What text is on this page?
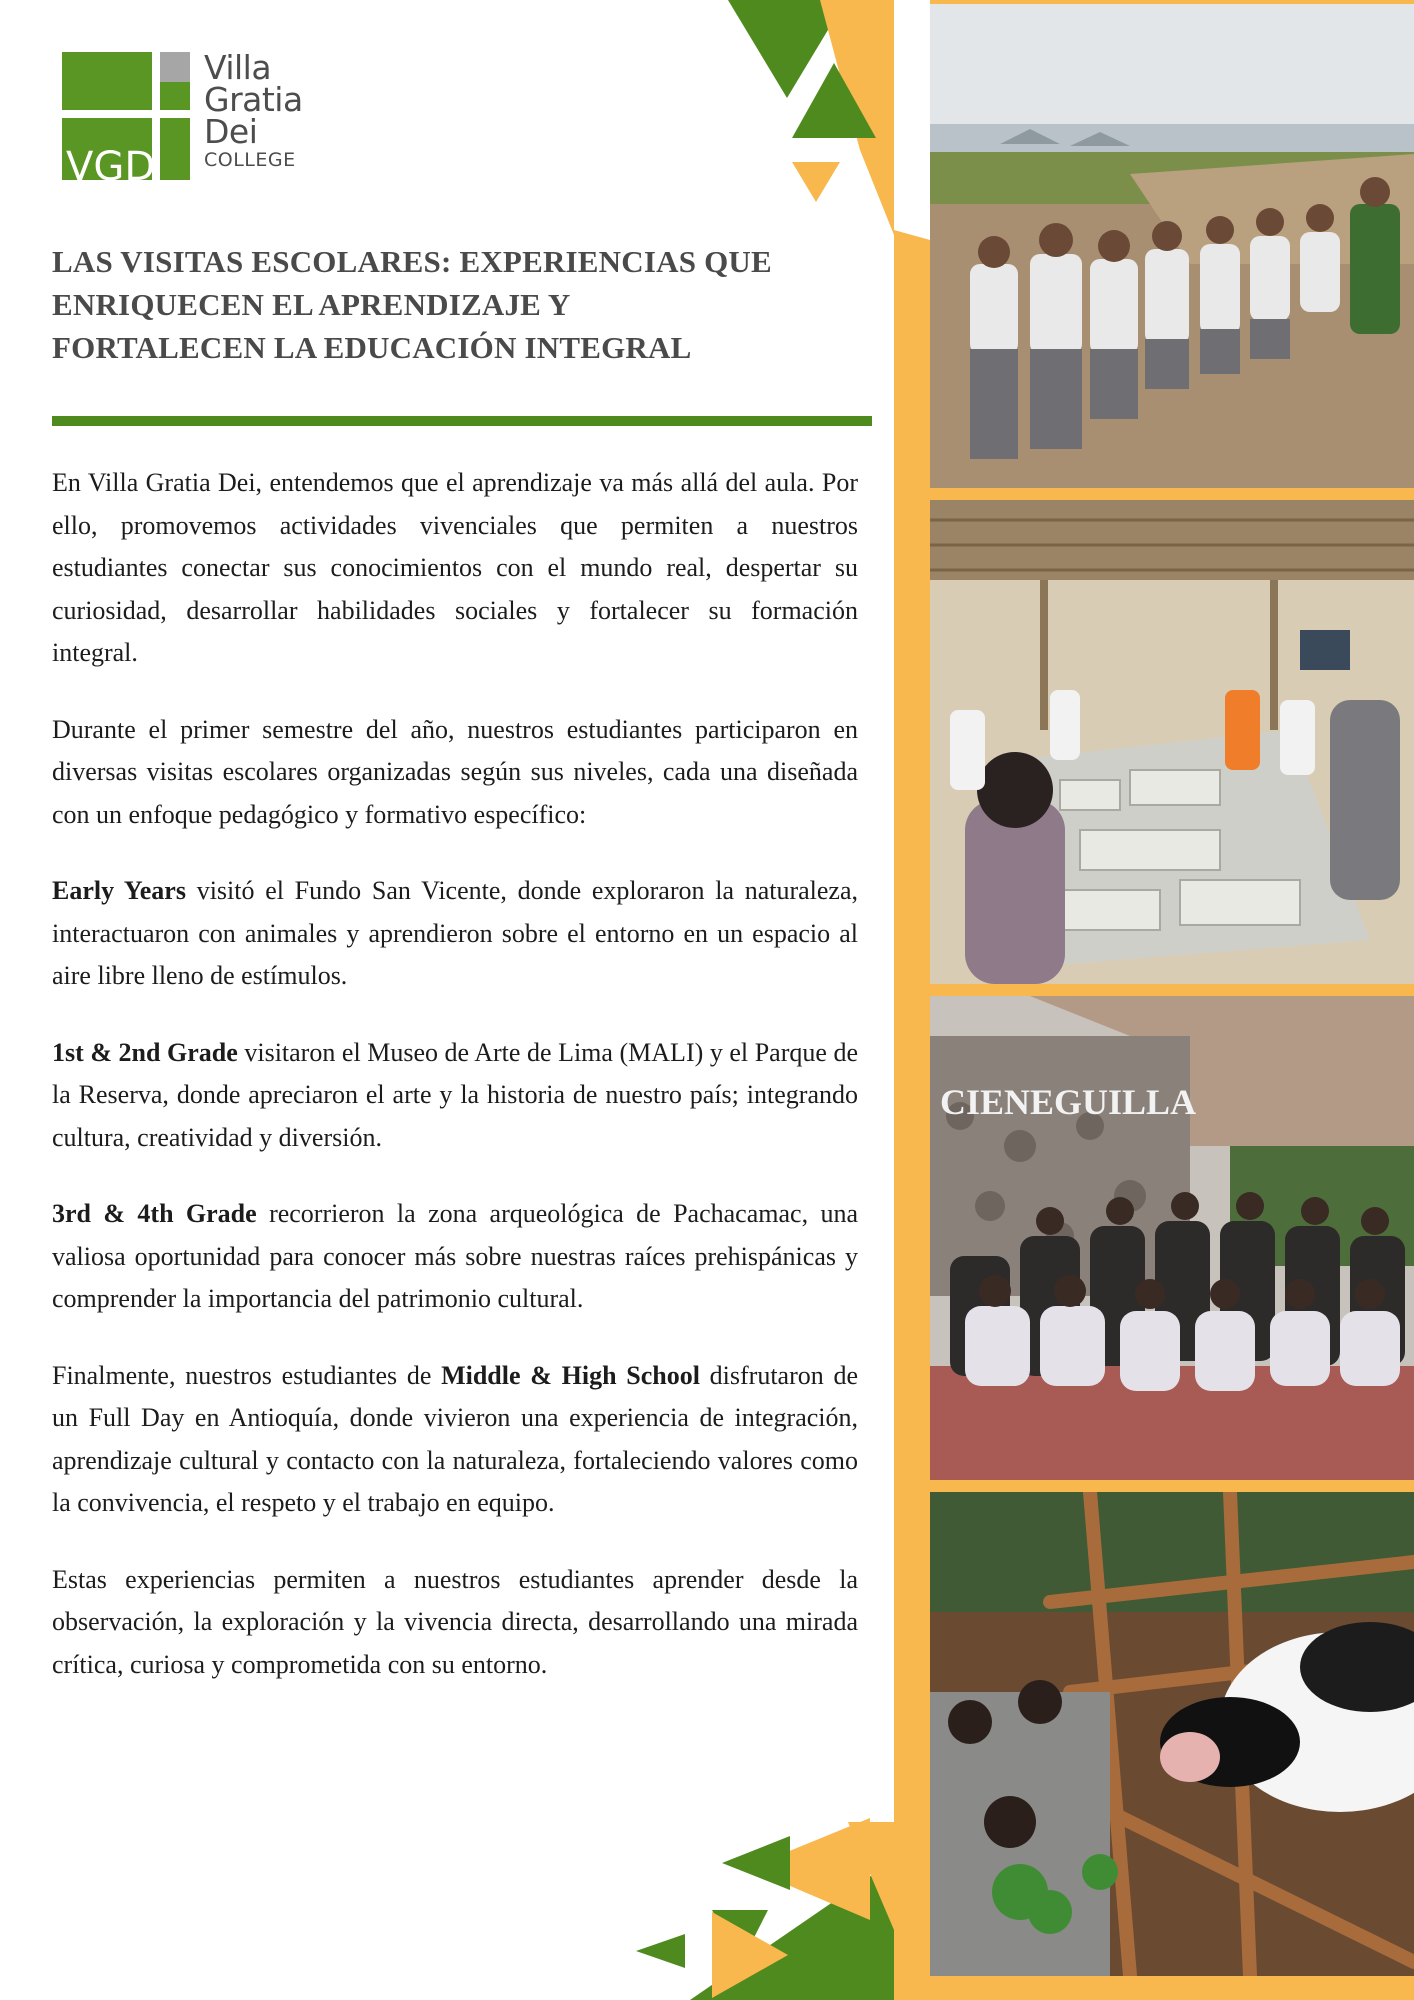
VGD
Villa
Gratia
Dei
COLLEGE
LAS VISITAS ESCOLARES: EXPERIENCIAS QUE
ENRIQUECEN EL APRENDIZAJE Y
FORTALECEN LA EDUCACIÓN INTEGRAL

En Villa Gratia Dei, entendemos que el aprendizaje va más allá del aula. Por ello, promovemos actividades vivenciales que permiten a nuestros estudiantes conectar sus conocimientos con el mundo real, despertar su curiosidad, desarrollar habilidades sociales y fortalecer su formación integral.

Durante el primer semestre del año, nuestros estudiantes participaron en diversas visitas escolares organizadas según sus niveles, cada una diseñada con un enfoque pedagógico y formativo específico:

Early Years visitó el Fundo San Vicente, donde exploraron la naturaleza, interactuaron con animales y aprendieron sobre el entorno en un espacio al aire libre lleno de estímulos.

1st & 2nd Grade visitaron el Museo de Arte de Lima (MALI) y el Parque de la Reserva, donde apreciaron el arte y la historia de nuestro país; integrando cultura, creatividad y diversión.

3rd & 4th Grade recorrieron la zona arqueológica de Pachacamac, una valiosa oportunidad para conocer más sobre nuestras raíces prehispánicas y comprender la importancia del patrimonio cultural.

Finalmente, nuestros estudiantes de Middle & High School disfrutaron de un Full Day en Antioquía, donde vivieron una experiencia de integración, aprendizaje cultural y contacto con la naturaleza, fortaleciendo valores como la convivencia, el respeto y el trabajo en equipo.

Estas experiencias permiten a nuestros estudiantes aprender desde la observación, la exploración y la vivencia directa, desarrollando una mirada crítica, curiosa y comprometida con su entorno.

CIENEGUILLA
